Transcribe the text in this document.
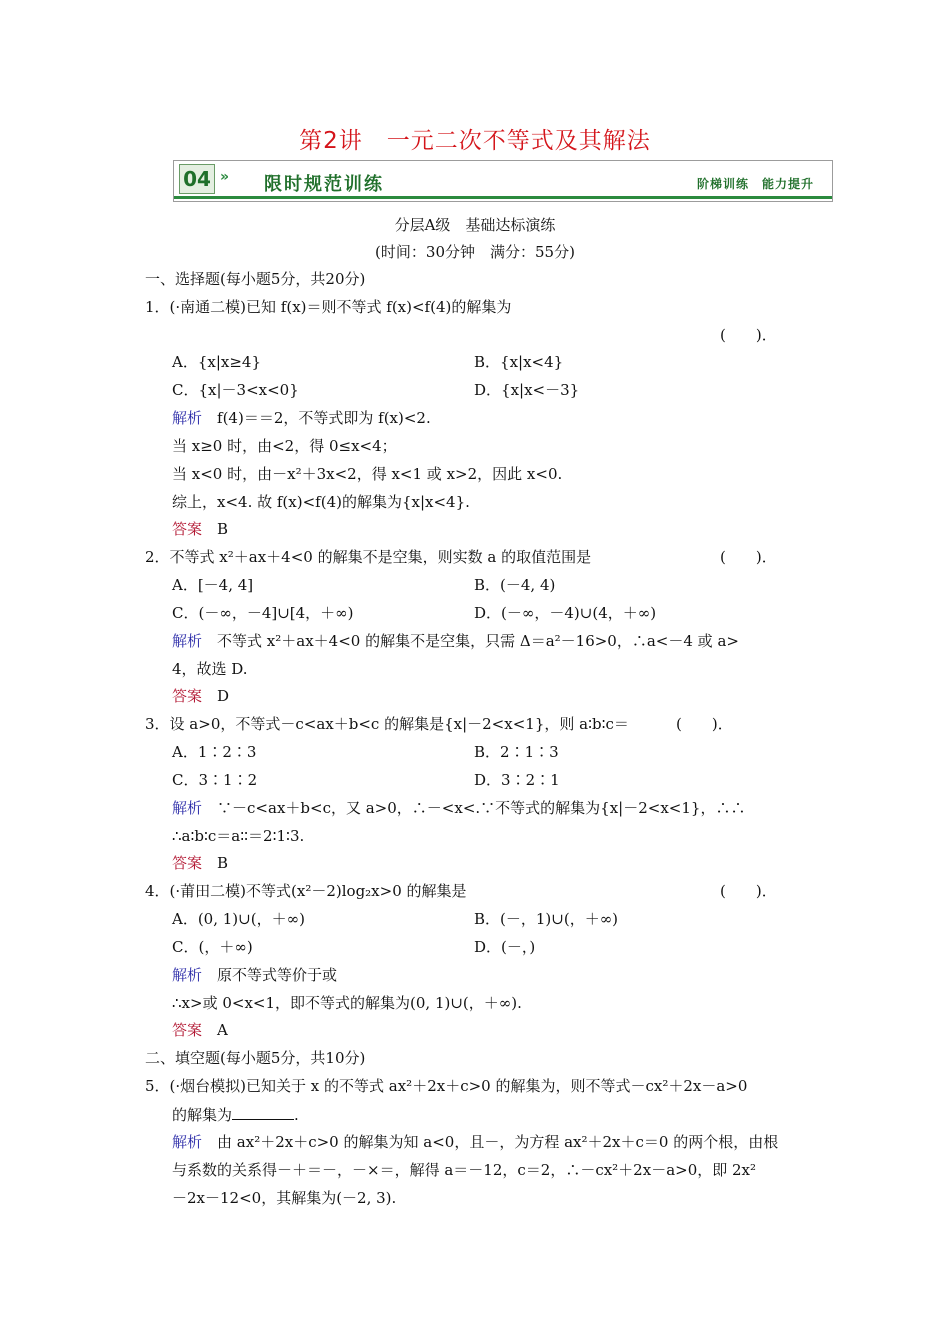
第2讲　一元二次不等式及其解法
04 » 限时规范训练	阶梯训练　能力提升
分层A级　基础达标演练
(时间：30分钟　满分：55分)
一、选择题(每小题5分，共20分)
1．(·南通二模)已知 f(x)＝则不等式 f(x)<f(4)的解集为
(　　)．
A．{x|x≥4}	B．{x|x<4}
C．{x|－3<x<0}	D．{x|x<－3}
解析　 f(4)＝＝2，不等式即为 f(x)<2.
当 x≥0 时，由<2，得 0≤x<4；
当 x<0 时，由－x²＋3x<2，得 x<1 或 x>2，因此 x<0.
综上，x<4. 故 f(x)<f(4)的解集为{x|x<4}.
答案　 B
2．不等式 x²＋ax＋4<0 的解集不是空集，则实数 a 的取值范围是	(　　)．
A．[－4, 4]	B．(－4, 4)
C．(－∞，－4]∪[4，＋∞)	D．(－∞，－4)∪(4，＋∞)
解析　 不等式 x²＋ax＋4<0 的解集不是空集，只需 Δ＝a²－16>0，∴a<－4 或 a>
4，故选 D.
答案　 D
3．设 a>0，不等式－c<ax＋b<c 的解集是{x|－2<x<1}，则 a∶b∶c＝	(　　)．
A．1∶2∶3	B．2∶1∶3
C．3∶1∶2	D．3∶2∶1
解析　 ∵－c<ax＋b<c，又 a>0，∴－<x<.∵不等式的解集为{x|－2<x<1}，∴∴
∴a∶b∶c＝a∶∶＝2∶1∶3.
答案　 B
4．(·莆田二模)不等式(x²－2)log₂x>0 的解集是	(　　)．
A．(0, 1)∪(，＋∞)	B．(－，1)∪(，＋∞)
C．(，＋∞)	D．(－，)
解析　 原不等式等价于或
∴x>或 0<x<1，即不等式的解集为(0, 1)∪(，＋∞).
答案　 A
二、填空题(每小题5分，共10分)
5．(·烟台模拟)已知关于 x 的不等式 ax²＋2x＋c>0 的解集为，则不等式－cx²＋2x－a>0
的解集为	.
解析　 由 ax²＋2x＋c>0 的解集为知 a<0，且－，为方程 ax²＋2x＋c＝0 的两个根，由根
与系数的关系得－＋＝－，－×＝，解得 a＝－12，c＝2，∴－cx²＋2x－a>0，即 2x²
－2x－12<0，其解集为(－2, 3).
